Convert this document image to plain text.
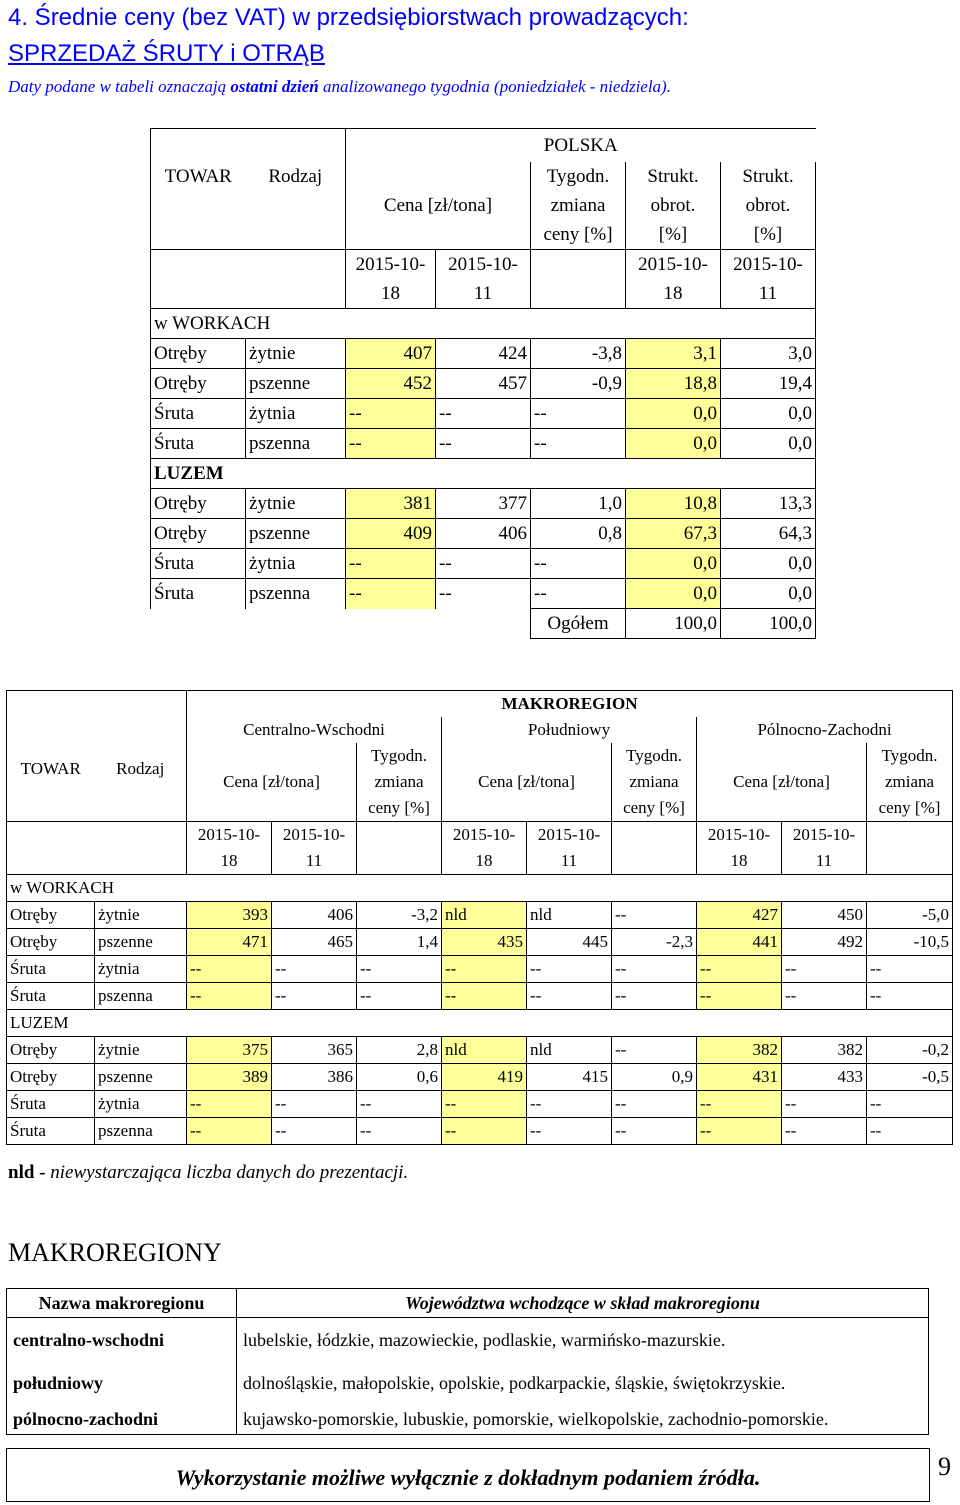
4. Średnie ceny (bez VAT) w przedsiębiorstwach prowadzących:
SPRZEDAŻ ŚRUTY i OTRĄB
Daty podane w tabeli oznaczają ostatni dzień analizowanego tygodnia (poniedziałek - niedziela).
		POLSKA				
TOWAR	Rodzaj			Tygodn.	Strukt.	Strukt.
		Cena [zł/tona]		zmiana	obrot.	obrot.
				ceny [%]	[%]	[%]
		2015-10-	2015-10-		2015-10-	2015-10-
		18	11		18	11
w WORKACH						
Otręby	żytnie	407	424	-3,8	3,1	3,0
Otręby	pszenne	452	457	-0,9	18,8	19,4
Śruta	żytnia	--	--	--	0,0	0,0
Śruta	pszenna	--	--	--	0,0	0,0
LUZEM						
Otręby	żytnie	381	377	1,0	10,8	13,3
Otręby	pszenne	409	406	0,8	67,3	64,3
Śruta	żytnia	--	--	--	0,0	0,0
Śruta	pszenna	--	--	--	0,0	0,0
				Ogółem	100,0	100,0
		MAKROREGION								
TOWAR	Rodzaj	Centralno-Wschodni			Południowy			Pólnocno-Zachodni		
				Tygodn.			Tygodn.			Tygodn.
		Cena [zł/tona]		zmiana	Cena [zł/tona]		zmiana	Cena [zł/tona]		zmiana
				ceny [%]			ceny [%]			ceny [%]
		2015-10-	2015-10-		2015-10-	2015-10-		2015-10-	2015-10-	
		18	11		18	11		18	11	
w WORKACH										
Otręby	żytnie	393	406	-3,2	nld	nld	--	427	450	-5,0
Otręby	pszenne	471	465	1,4	435	445	-2,3	441	492	-10,5
Śruta	żytnia	--	--	--	--	--	--	--	--	--
Śruta	pszenna	--	--	--	--	--	--	--	--	--
LUZEM										
Otręby	żytnie	375	365	2,8	nld	nld	--	382	382	-0,2
Otręby	pszenne	389	386	0,6	419	415	0,9	431	433	-0,5
Śruta	żytnia	--	--	--	--	--	--	--	--	--
Śruta	pszenna	--	--	--	--	--	--	--	--	--
nld - niewystarczająca liczba danych do prezentacji.
MAKROREGIONY
Nazwa makroregionu	Województwa wchodzące w skład makroregionu
centralno-wschodni	lubelskie, łódzkie, mazowieckie, podlaskie, warmińsko-mazurskie.
południowy	dolnośląskie, małopolskie, opolskie, podkarpackie, śląskie, świętokrzyskie.
pólnocno-zachodni	kujawsko-pomorskie, lubuskie, pomorskie, wielkopolskie, zachodnio-pomorskie.
Wykorzystanie możliwe wyłącznie z dokładnym podaniem źródła.	9
